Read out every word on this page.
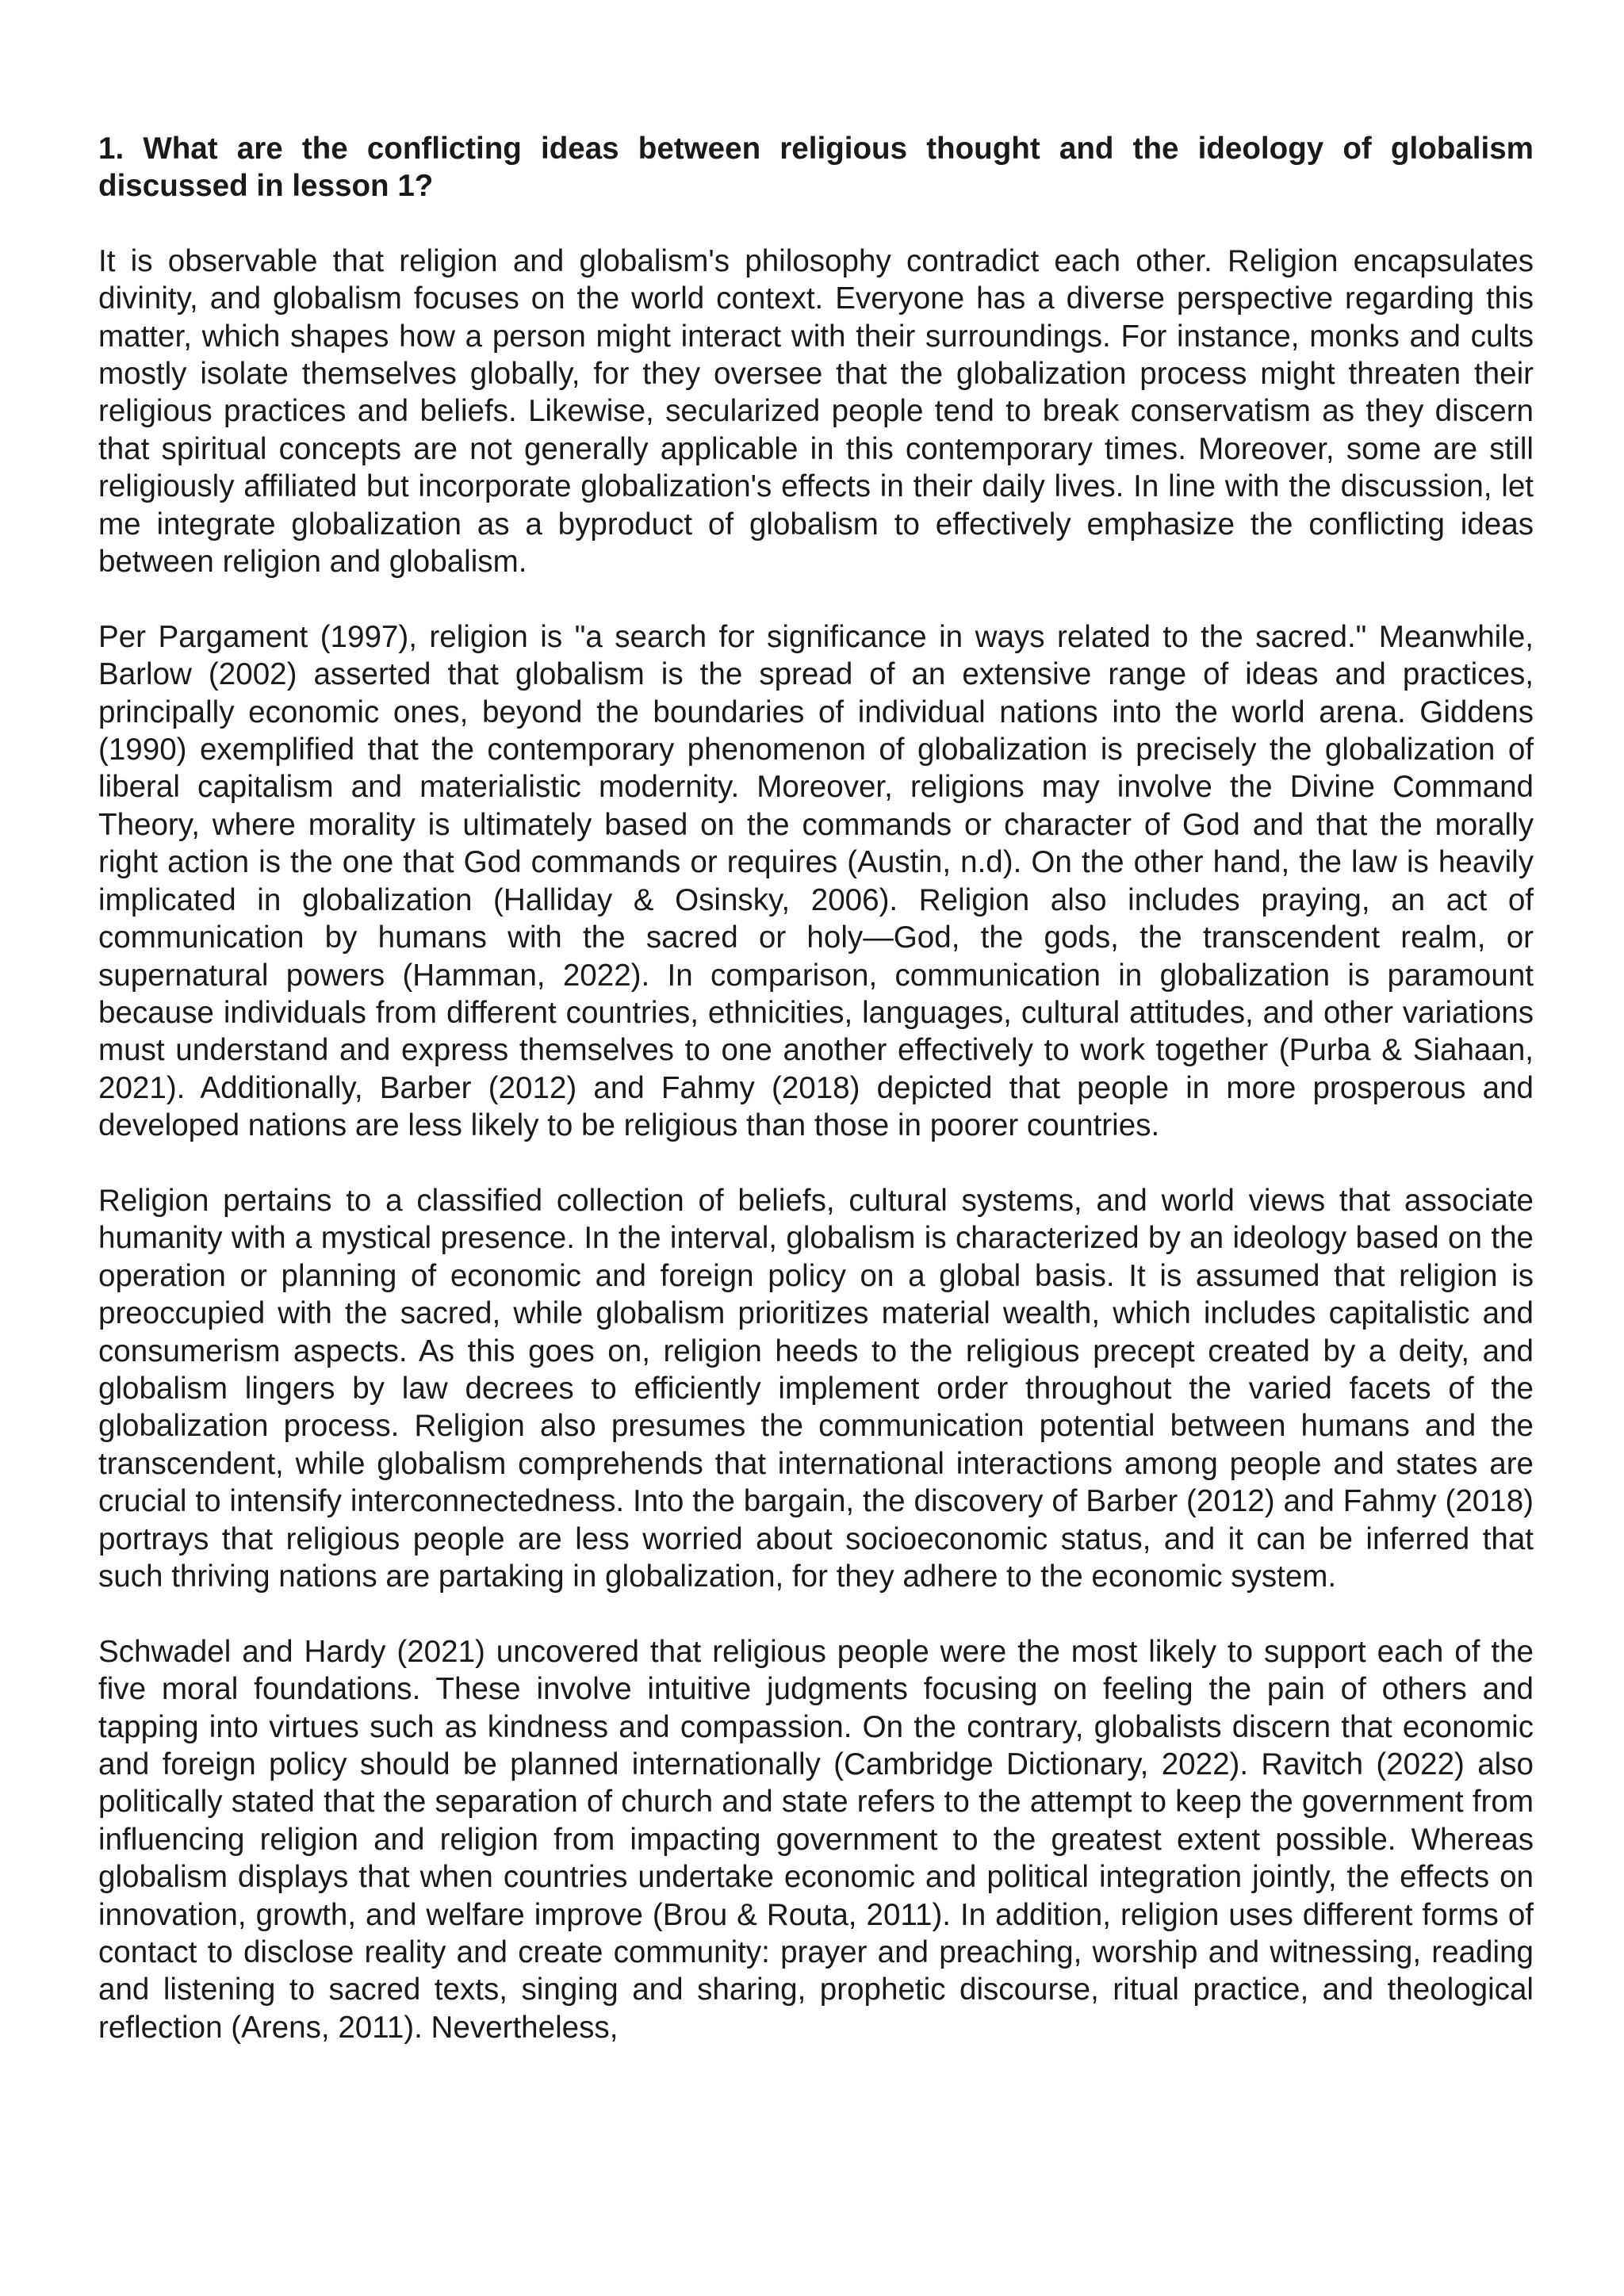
1. What are the conflicting ideas between religious thought and the ideology of globalism discussed in lesson 1?

It is observable that religion and globalism's philosophy contradict each other. Religion encapsulates divinity, and globalism focuses on the world context. Everyone has a diverse perspective regarding this matter, which shapes how a person might interact with their surroundings. For instance, monks and cults mostly isolate themselves globally, for they oversee that the globalization process might threaten their religious practices and beliefs. Likewise, secularized people tend to break conservatism as they discern that spiritual concepts are not generally applicable in this contemporary times. Moreover, some are still religiously affiliated but incorporate globalization's effects in their daily lives. In line with the discussion, let me integrate globalization as a byproduct of globalism to effectively emphasize the conflicting ideas between religion and globalism.

Per Pargament (1997), religion is "a search for significance in ways related to the sacred." Meanwhile, Barlow (2002) asserted that globalism is the spread of an extensive range of ideas and practices, principally economic ones, beyond the boundaries of individual nations into the world arena. Giddens (1990) exemplified that the contemporary phenomenon of globalization is precisely the globalization of liberal capitalism and materialistic modernity. Moreover, religions may involve the Divine Command Theory, where morality is ultimately based on the commands or character of God and that the morally right action is the one that God commands or requires (Austin, n.d). On the other hand, the law is heavily implicated in globalization (Halliday & Osinsky, 2006). Religion also includes praying, an act of communication by humans with the sacred or holy—God, the gods, the transcendent realm, or supernatural powers (Hamman, 2022). In comparison, communication in globalization is paramount because individuals from different countries, ethnicities, languages, cultural attitudes, and other variations must understand and express themselves to one another effectively to work together (Purba & Siahaan, 2021). Additionally, Barber (2012) and Fahmy (2018) depicted that people in more prosperous and developed nations are less likely to be religious than those in poorer countries.

Religion pertains to a classified collection of beliefs, cultural systems, and world views that associate humanity with a mystical presence. In the interval, globalism is characterized by an ideology based on the operation or planning of economic and foreign policy on a global basis. It is assumed that religion is preoccupied with the sacred, while globalism prioritizes material wealth, which includes capitalistic and consumerism aspects. As this goes on, religion heeds to the religious precept created by a deity, and globalism lingers by law decrees to efficiently implement order throughout the varied facets of the globalization process. Religion also presumes the communication potential between humans and the transcendent, while globalism comprehends that international interactions among people and states are crucial to intensify interconnectedness. Into the bargain, the discovery of Barber (2012) and Fahmy (2018) portrays that religious people are less worried about socioeconomic status, and it can be inferred that such thriving nations are partaking in globalization, for they adhere to the economic system.

Schwadel and Hardy (2021) uncovered that religious people were the most likely to support each of the five moral foundations. These involve intuitive judgments focusing on feeling the pain of others and tapping into virtues such as kindness and compassion. On the contrary, globalists discern that economic and foreign policy should be planned internationally (Cambridge Dictionary, 2022). Ravitch (2022) also politically stated that the separation of church and state refers to the attempt to keep the government from influencing religion and religion from impacting government to the greatest extent possible. Whereas globalism displays that when countries undertake economic and political integration jointly, the effects on innovation, growth, and welfare improve (Brou & Routa, 2011). In addition, religion uses different forms of contact to disclose reality and create community: prayer and preaching, worship and witnessing, reading and listening to sacred texts, singing and sharing, prophetic discourse, ritual practice, and theological reflection (Arens, 2011). Nevertheless,
